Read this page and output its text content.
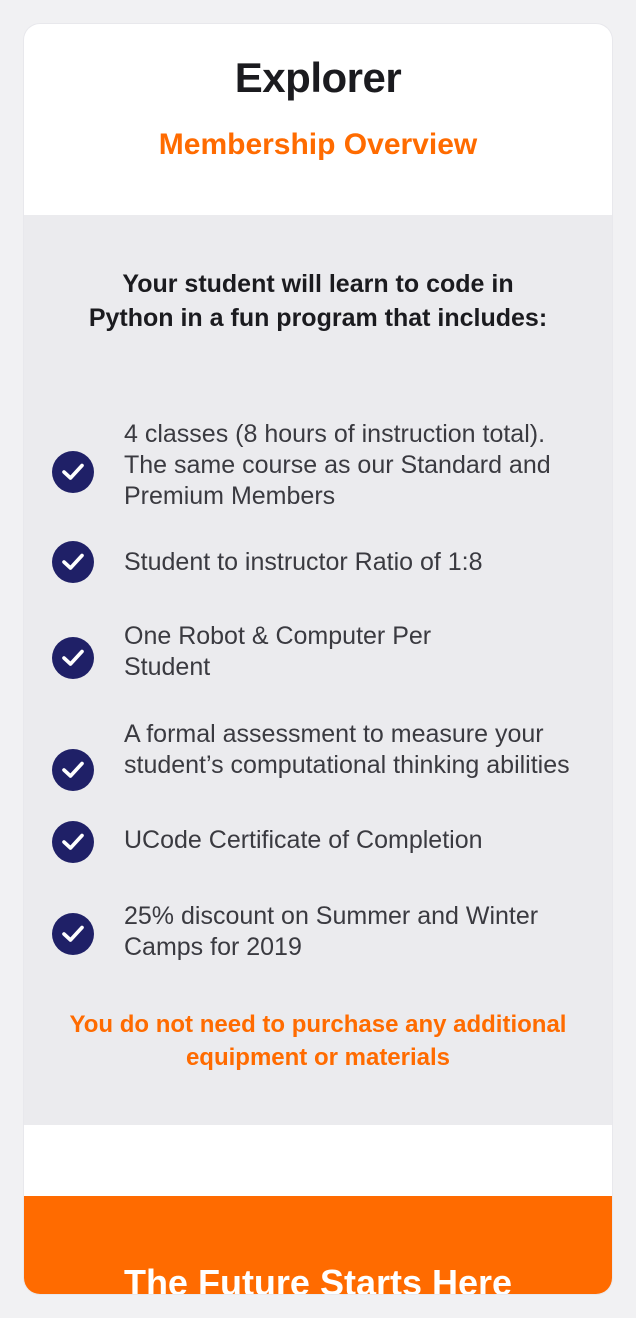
Explorer
Membership Overview
Your student will learn to code in Python in a fun program that includes:
4 classes (8 hours of instruction total). The same course as our Standard and Premium Members
Student to instructor Ratio of 1:8
One Robot & Computer Per Student
A formal assessment to measure your student’s computational thinking abilities
UCode Certificate of Completion
25% discount on Summer and Winter Camps for 2019
You do not need to purchase any additional equipment or materials
The Future Starts Here
